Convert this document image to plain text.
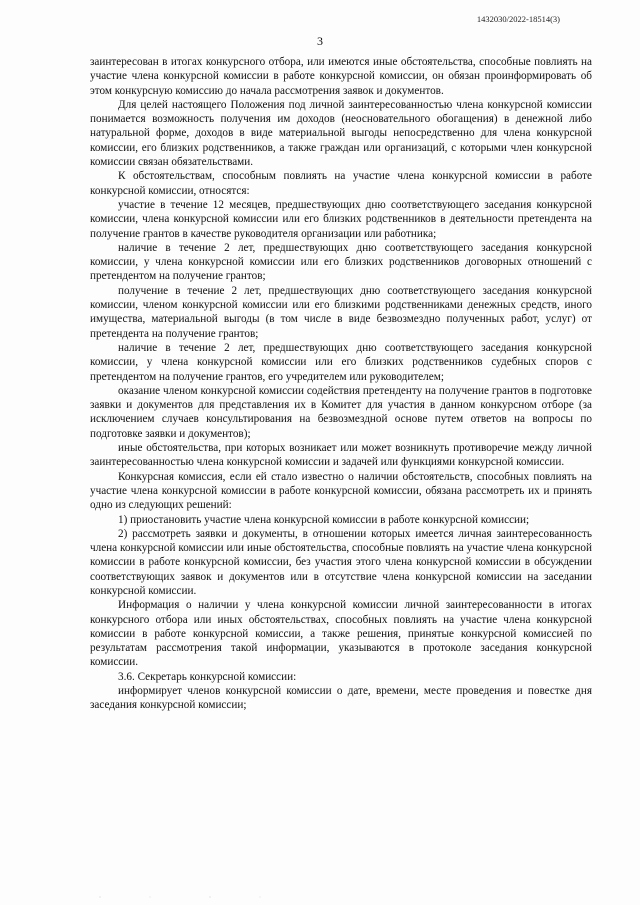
1432030/2022-18514(3)
3

заинтересован в итогах конкурсного отбора, или имеются иные обстоятельства, способные повлиять на участие члена конкурсной комиссии в работе конкурсной комиссии, он обязан проинформировать об этом конкурсную комиссию до начала рассмотрения заявок и документов.

Для целей настоящего Положения под личной заинтересованностью члена конкурсной комиссии понимается возможность получения им доходов (неосновательного обогащения) в денежной либо натуральной форме, доходов в виде материальной выгоды непосредственно для члена конкурсной комиссии, его близких родственников, а также граждан или организаций, с которыми член конкурсной комиссии связан обязательствами.

К обстоятельствам, способным повлиять на участие члена конкурсной комиссии в работе конкурсной комиссии, относятся:

участие в течение 12 месяцев, предшествующих дню соответствующего заседания конкурсной комиссии, члена конкурсной комиссии или его близких родственников в деятельности претендента на получение грантов в качестве руководителя организации или работника;

наличие в течение 2 лет, предшествующих дню соответствующего заседания конкурсной комиссии, у члена конкурсной комиссии или его близких родственников договорных отношений с претендентом на получение грантов;

получение в течение 2 лет, предшествующих дню соответствующего заседания конкурсной комиссии, членом конкурсной комиссии или его близкими родственниками денежных средств, иного имущества, материальной выгоды (в том числе в виде безвозмездно полученных работ, услуг) от претендента на получение грантов;

наличие в течение 2 лет, предшествующих дню соответствующего заседания конкурсной комиссии, у члена конкурсной комиссии или его близких родственников судебных споров с претендентом на получение грантов, его учредителем или руководителем;

оказание членом конкурсной комиссии содействия претенденту на получение грантов в подготовке заявки и документов для представления их в Комитет для участия в данном конкурсном отборе (за исключением случаев консультирования на безвозмездной основе путем ответов на вопросы по подготовке заявки и документов);

иные обстоятельства, при которых возникает или может возникнуть противоречие между личной заинтересованностью члена конкурсной комиссии и задачей или функциями конкурсной комиссии.

Конкурсная комиссия, если ей стало известно о наличии обстоятельств, способных повлиять на участие члена конкурсной комиссии в работе конкурсной комиссии, обязана рассмотреть их и принять одно из следующих решений:

1) приостановить участие члена конкурсной комиссии в работе конкурсной комиссии;

2) рассмотреть заявки и документы, в отношении которых имеется личная заинтересованность члена конкурсной комиссии или иные обстоятельства, способные повлиять на участие члена конкурсной комиссии в работе конкурсной комиссии, без участия этого члена конкурсной комиссии в обсуждении соответствующих заявок и документов или в отсутствие члена конкурсной комиссии на заседании конкурсной комиссии.

Информация о наличии у члена конкурсной комиссии личной заинтересованности в итогах конкурсного отбора или иных обстоятельствах, способных повлиять на участие члена конкурсной комиссии в работе конкурсной комиссии, а также решения, принятые конкурсной комиссией по результатам рассмотрения такой информации, указываются в протоколе заседания конкурсной комиссии.

3.6. Секретарь конкурсной комиссии:

информирует членов конкурсной комиссии о дате, времени, месте проведения и повестке дня заседания конкурсной комиссии;
